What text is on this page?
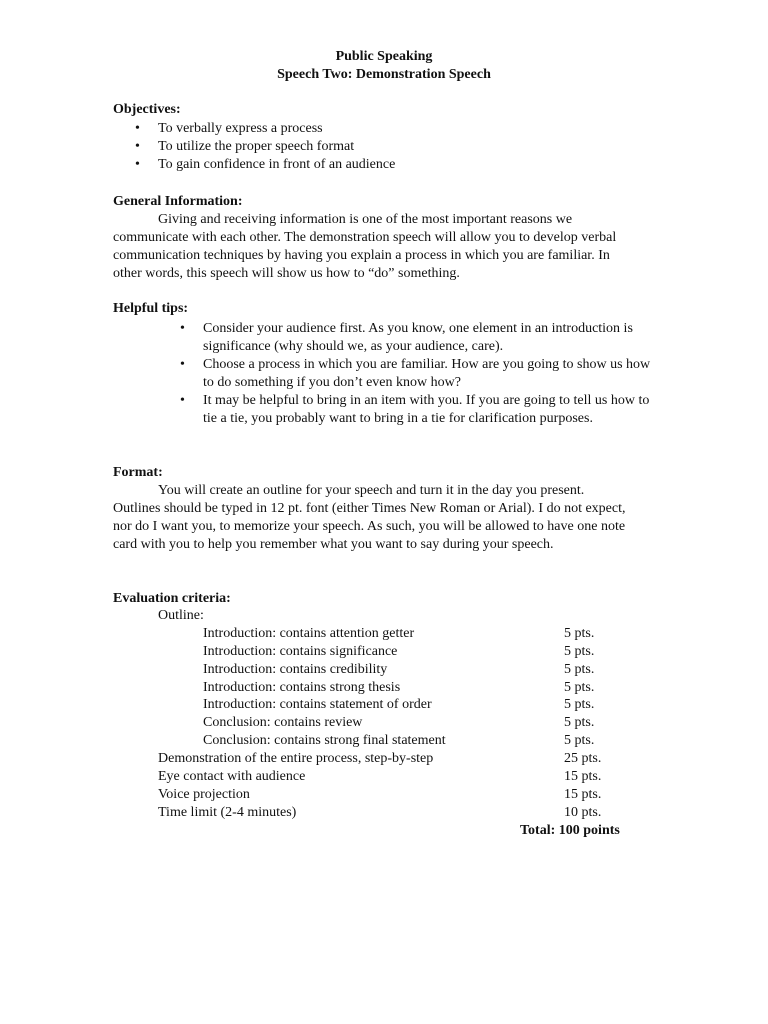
Public Speaking
Speech Two: Demonstration Speech
Objectives:
•	To verbally express a process
•	To utilize the proper speech format
•	To gain confidence in front of an audience
General Information:

Giving and receiving information is one of the most important reasons we communicate with each other. The demonstration speech will allow you to develop verbal communication techniques by having you explain a process in which you are familiar. In other words, this speech will show us how to “do” something.

Helpful tips:
•	Consider your audience first. As you know, one element in an introduction is significance (why should we, as your audience, care).
•	Choose a process in which you are familiar. How are you going to show us how to do something if you don’t even know how?
•	It may be helpful to bring in an item with you. If you are going to tell us how to tie a tie, you probably want to bring in a tie for clarification purposes.
Format:

You will create an outline for your speech and turn it in the day you present. Outlines should be typed in 12 pt. font (either Times New Roman or Arial). I do not expect, nor do I want you, to memorize your speech. As such, you will be allowed to have one note card with you to help you remember what you want to say during your speech.

Evaluation criteria:
Outline:
Introduction: contains attention getter	5 pts.
Introduction: contains significance	5 pts.
Introduction: contains credibility	5 pts.
Introduction: contains strong thesis	5 pts.
Introduction: contains statement of order	5 pts.
Conclusion: contains review	5 pts.
Conclusion: contains strong final statement	5 pts.
Demonstration of the entire process, step-by-step	25 pts.
Eye contact with audience	15 pts.
Voice projection	15 pts.
Time limit (2-4 minutes)	10 pts.
Total: 100 points
